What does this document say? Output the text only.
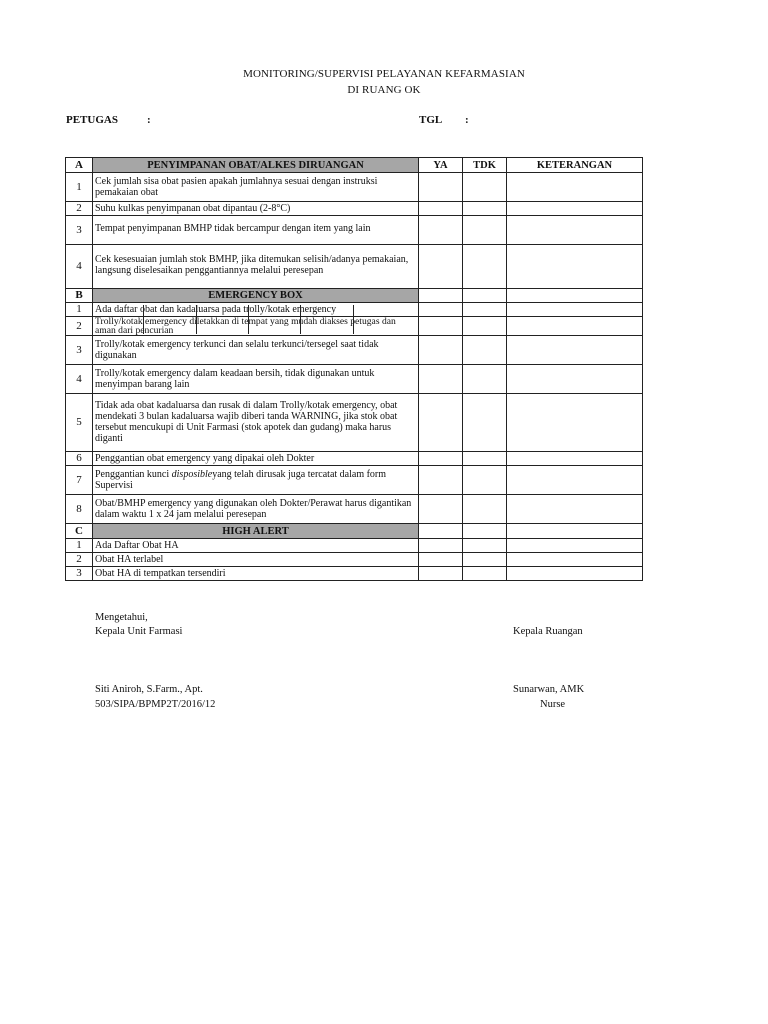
MONITORING/SUPERVISI PELAYANAN KEFARMASIAN
DI RUANG OK
PETUGAS	:	TGL :
A	PENYIMPANAN OBAT/ALKES DIRUANGAN	YA	TDK	KETERANGAN
1	Cek jumlah sisa obat pasien apakah jumlahnya sesuai dengan instruksi pemakaian obat			
2	Suhu kulkas penyimpanan obat dipantau (2-8°C)			
3	Tempat penyimpanan BMHP tidak bercampur dengan item yang lain			
4	Cek kesesuaian jumlah stok BMHP, jika ditemukan selisih/adanya pemakaian, langsung diselesaikan penggantiannya melalui peresepan			
B	EMERGENCY BOX			
1	Ada daftar obat dan kadaluarsa pada trolly/kotak emergency			
2	Trolly/kotak emergency diletakkan di tempat yang mudah diakses petugas dan aman dari pencurian			
3	Trolly/kotak emergency terkunci dan selalu terkunci/tersegel saat tidak digunakan			
4	Trolly/kotak emergency dalam keadaan bersih, tidak digunakan untuk menyimpan barang lain			
5	Tidak ada obat kadaluarsa dan rusak di dalam Trolly/kotak emergency, obat mendekati 3 bulan kadaluarsa wajib diberi tanda WARNING, jika stok obat tersebut mencukupi di Unit Farmasi (stok apotek dan gudang) maka harus diganti			
6	Penggantian obat emergency yang dipakai oleh Dokter			
7	Penggantian kunci disposibleyang telah dirusak juga tercatat dalam form Supervisi			
8	Obat/BMHP emergency yang digunakan oleh Dokter/Perawat harus digantikan dalam waktu 1 x 24 jam melalui peresepan			
C	HIGH ALERT			
1	Ada Daftar Obat HA			
2	Obat HA terlabel			
3	Obat HA di tempatkan tersendiri			
Mengetahui,
Kepala Unit Farmasi	Kepala Ruangan
Siti Aniroh, S.Farm., Apt.
503/SIPA/BPMP2T/2016/12
Sunarwan, AMK
Nurse
